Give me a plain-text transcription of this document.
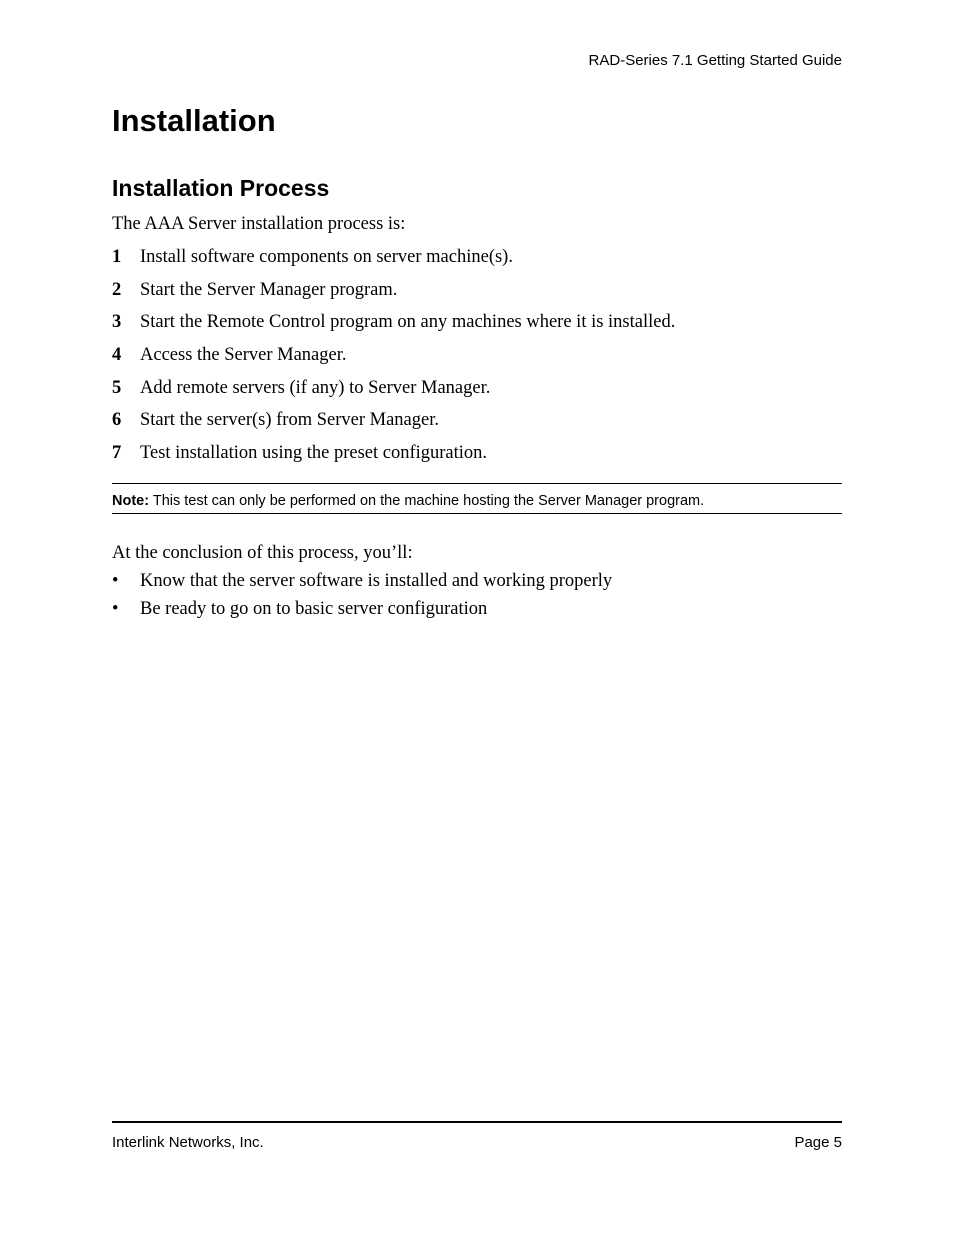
RAD-Series 7.1 Getting Started Guide
Installation
Installation Process

The AAA Server installation process is:

1	Install software components on server machine(s).
2	Start the Server Manager program.
3	Start the Remote Control program on any machines where it is installed.
4	Access the Server Manager.
5	Add remote servers (if any) to Server Manager.
6	Start the server(s) from Server Manager.
7	Test installation using the preset configuration.
Note: This test can only be performed on the machine hosting the Server Manager program.

At the conclusion of this process, you’ll:

•	Know that the server software is installed and working properly
•	Be ready to go on to basic server configuration
Interlink Networks, Inc.	Page 5
